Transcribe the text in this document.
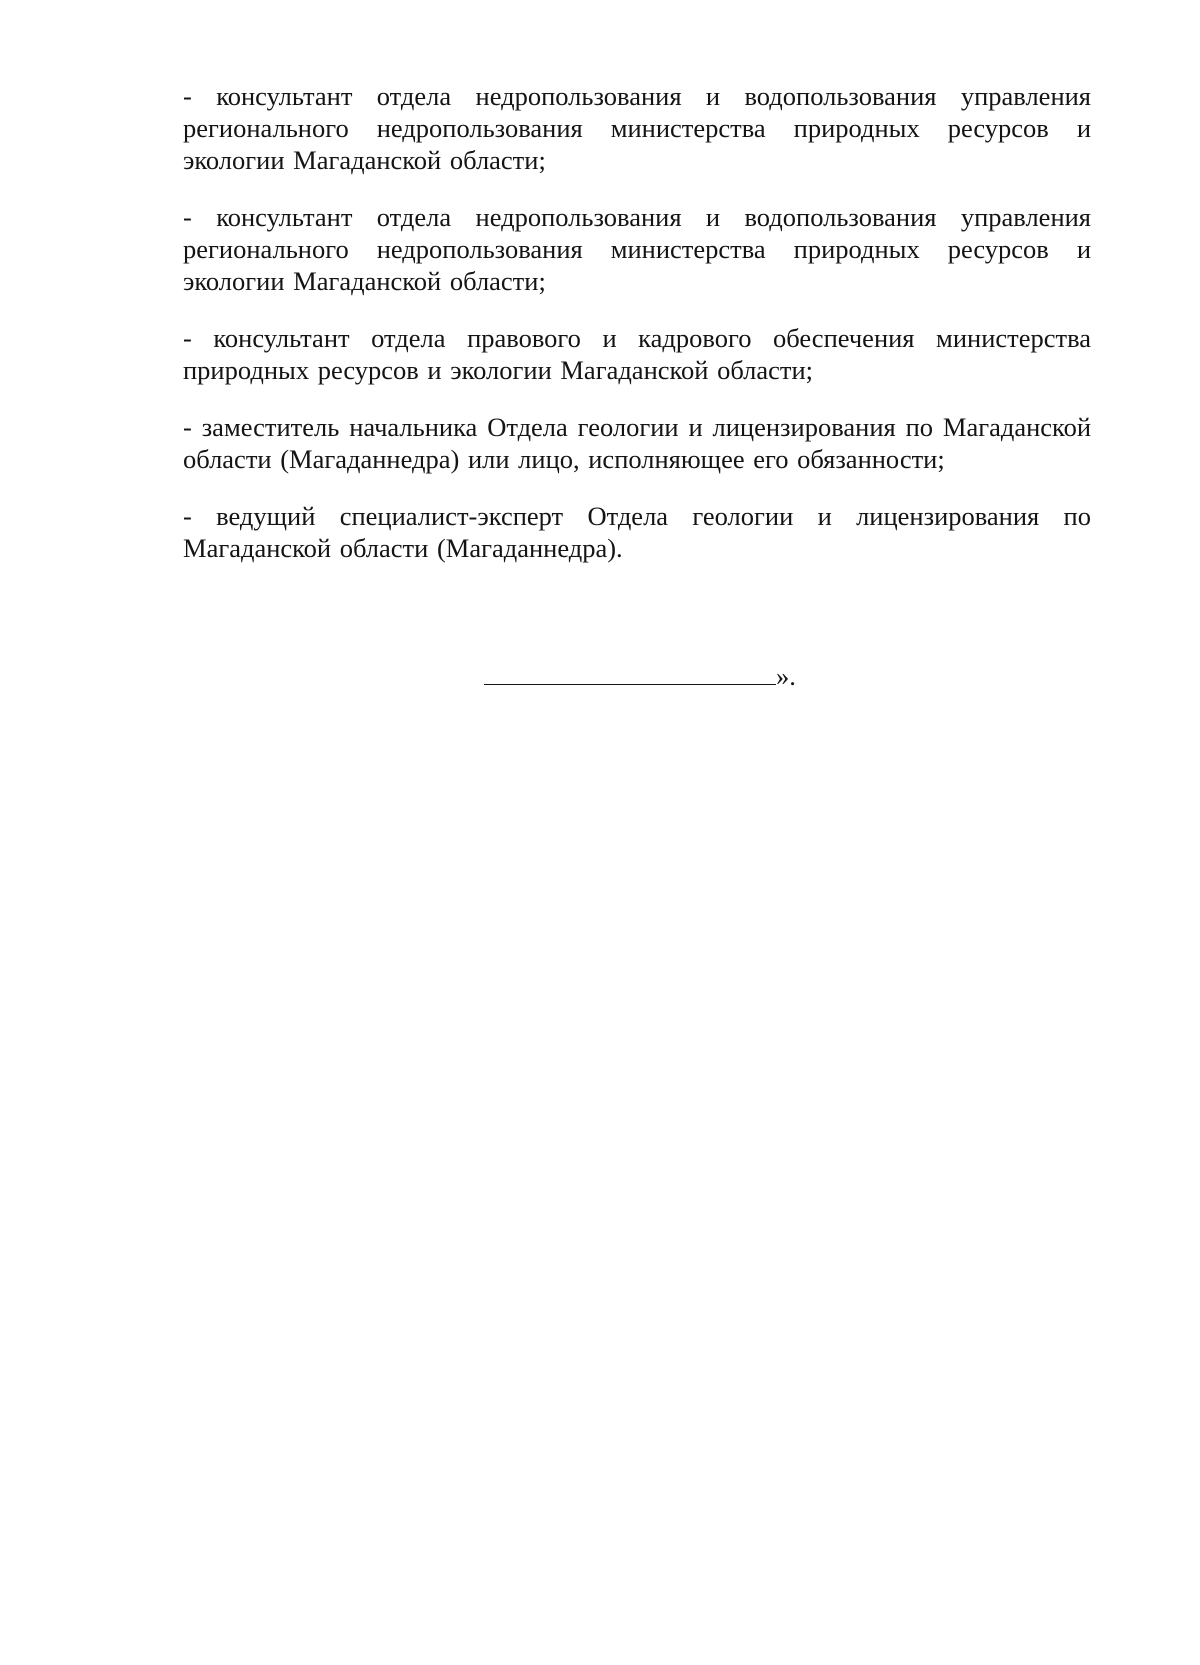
- консультант отдела недропользования и водопользования управления регионального недропользования министерства природных ресурсов и экологии Магаданской области;

- консультант отдела недропользования и водопользования управления регионального недропользования министерства природных ресурсов и экологии Магаданской области;

- консультант отдела правового и кадрового обеспечения министерства природных ресурсов и экологии Магаданской области;

- заместитель начальника Отдела геологии и лицензирования по Магаданской области (Магаданнедра) или лицо, исполняющее его обязанности;

- ведущий специалист-эксперт Отдела геологии и лицензирования по Магаданской области (Магаданнедра).

».
